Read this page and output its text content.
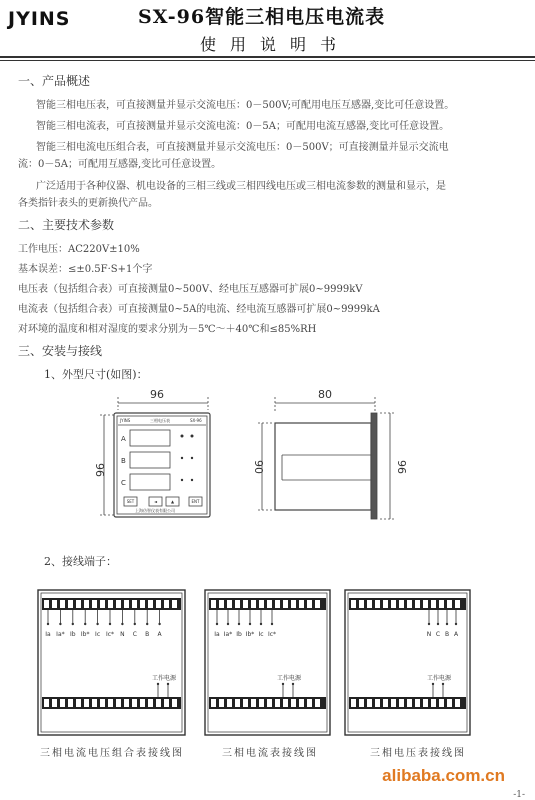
JYINS	SX-96智能三相电压电流表
使用说明书
一、产品概述
智能三相电压表，可直接测量并显示交流电压：0－500V;可配用电压互感器,变比可任意设置。
智能三相电流表，可直接测量并显示交流电流：0－5A；可配用电流互感器,变比可任意设置。
智能三相电流电压组合表，可直接测量并显示交流电压：0－500V；可直接测量并显示交流电
流：0－5A；可配用互感器,变比可任意设置。
广泛适用于各种仪器、机电设备的三相三线或三相四线电压或三相电流参数的测量和显示，是
各类指针表头的更新换代产品。
二、主要技术参数
工作电压：AC220V±10%
基本误差：≤±0.5F·S+1个字
电压表（包括组合表）可直接测量0~500V、经电压互感器可扩展0~9999kV
电流表（包括组合表）可直接测量0~5A的电流、经电流互感器可扩展0~9999kA
对环境的温度和相对湿度的要求分别为－5℃～＋40℃和≤85%RH
三、安装与接线
1、外型尺寸(如图)：
96
96
80
90	96
JYINS	三相电压表	SX-96
上海仿智仪表有限公司
A
B
C
SET	◄	▲	ENT
2、接线端子：
Ia Ia* Ib Ib* Ic Ic* N C B A
工作电源
Ia Ia* Ib Ib* Ic Ic*
工作电源
N C B A
工作电源
三相电流电压组合表接线图	三相电流表接线图	三相电压表接线图
alibaba.com.cn
-1-
